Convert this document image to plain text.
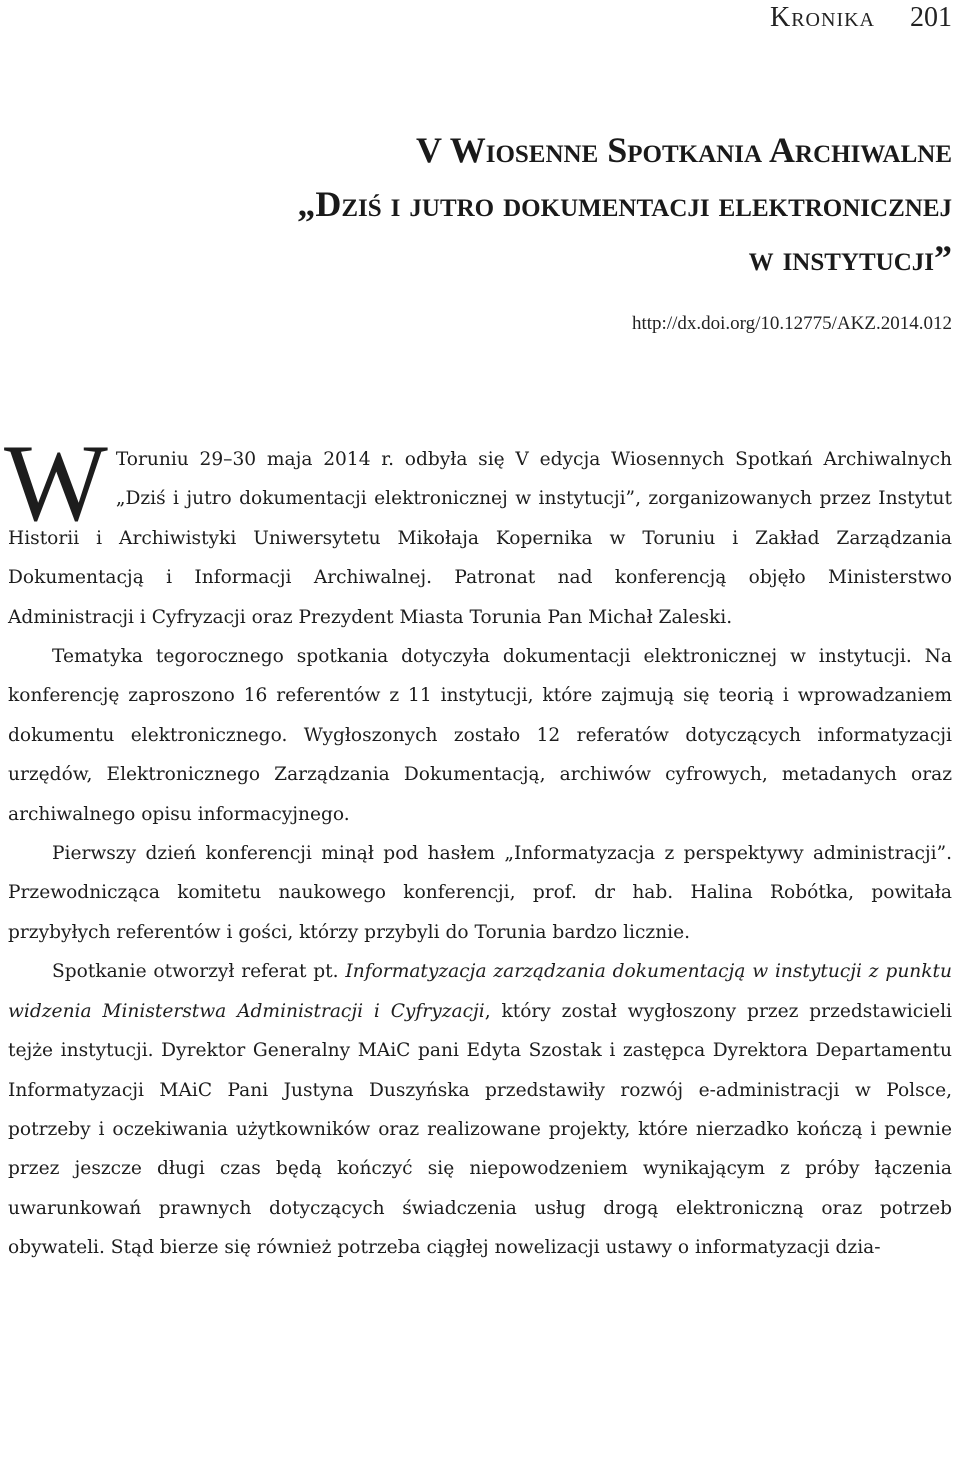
Kronika 201
V Wiosenne Spotkania Archiwalne
„Dziś i jutro dokumentacji elektronicznej
w instytucji”
http://dx.doi.org/10.12775/AKZ.2014.012

W Toruniu 29–30 maja 2014 r. odbyła się V edycja Wiosennych Spotkań Archiwalnych „Dziś i jutro dokumentacji elektronicznej w instytucji”, zorganizowanych przez Instytut Historii i Archiwistyki Uniwersytetu Mikołaja Kopernika w Toruniu i Zakład Zarządzania Dokumentacją i Informacji Archiwalnej. Patronat nad konferencją objęło Ministerstwo Administracji i Cyfryzacji oraz Prezydent Miasta Torunia Pan Michał Zaleski.

Tematyka tegorocznego spotkania dotyczyła dokumentacji elektronicznej w instytucji. Na konferencję zaproszono 16 referentów z 11 instytucji, które zajmują się teorią i wprowadzaniem dokumentu elektronicznego. Wygłoszonych zostało 12 referatów dotyczących informatyzacji urzędów, Elektronicznego Zarządzania Dokumentacją, archiwów cyfrowych, metadanych oraz archiwalnego opisu informacyjnego.

Pierwszy dzień konferencji minął pod hasłem „Informatyzacja z perspektywy administracji”. Przewodnicząca komitetu naukowego konferencji, prof. dr hab. Halina Robótka, powitała przybyłych referentów i gości, którzy przybyli do Torunia bardzo licznie.

Spotkanie otworzył referat pt. Informatyzacja zarządzania dokumentacją w instytucji z punktu widzenia Ministerstwa Administracji i Cyfryzacji, który został wygłoszony przez przedstawicieli tejże instytucji. Dyrektor Generalny MAiC pani Edyta Szostak i zastępca Dyrektora Departamentu Informatyzacji MAiC Pani Justyna Duszyńska przedstawiły rozwój e-administracji w Polsce, potrzeby i oczekiwania użytkowników oraz realizowane projekty, które nierzadko kończą i pewnie przez jeszcze długi czas będą kończyć się niepowodzeniem wynikającym z próby łączenia uwarunkowań prawnych dotyczących świadczenia usług drogą elektroniczną oraz potrzeb obywateli. Stąd bierze się również potrzeba ciągłej nowelizacji ustawy o informatyzacji dzia-
